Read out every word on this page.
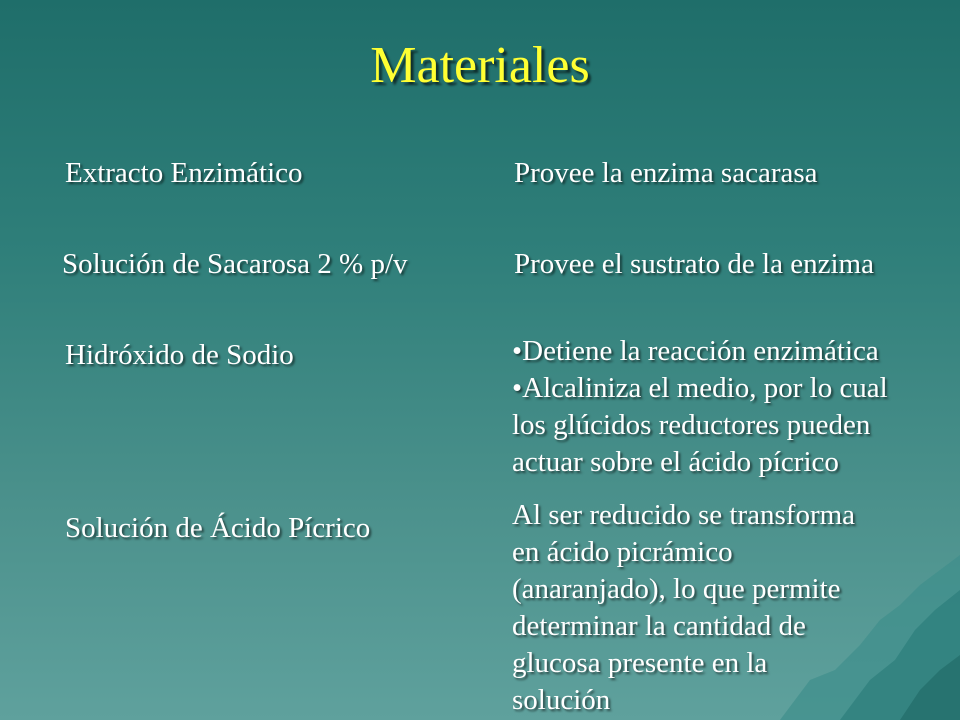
Materiales
Extracto Enzimático	Provee la enzima sacarasa
Solución de Sacarosa 2 % p/v	Provee el sustrato de la enzima
Hidróxido de Sodio	•Detiene la reacción enzimática
•Alcaliniza el medio, por lo cual
los glúcidos reductores pueden
actuar sobre el ácido pícrico
Solución de Ácido Pícrico	Al ser reducido se transforma
en ácido picrámico
(anaranjado), lo que permite
determinar la cantidad de
glucosa presente en la
solución
